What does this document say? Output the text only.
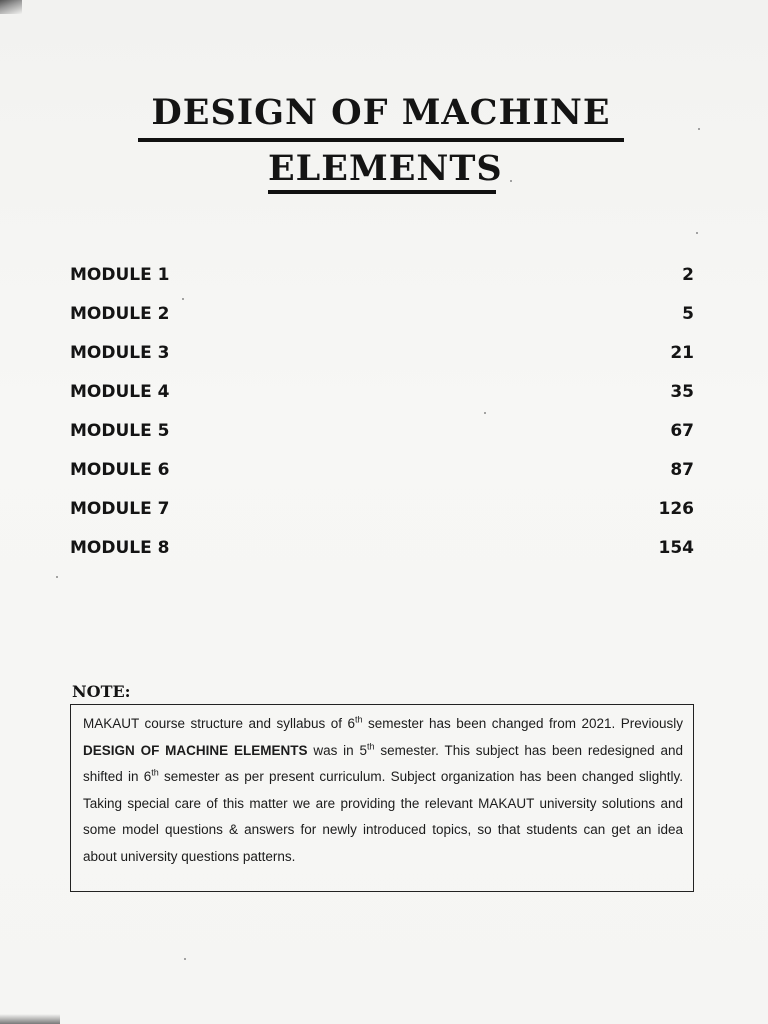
DESIGN OF MACHINE
ELEMENTS
MODULE 1	2
MODULE 2	5
MODULE 3	21
MODULE 4	35
MODULE 5	67
MODULE 6	87
MODULE 7	126
MODULE 8	154
NOTE:
MAKAUT course structure and syllabus of 6th semester has been changed from 2021. Previously DESIGN OF MACHINE ELEMENTS was in 5th semester. This subject has been redesigned and shifted in 6th semester as per present curriculum. Subject organization has been changed slightly. Taking special care of this matter we are providing the relevant MAKAUT university solutions and some model questions & answers for newly introduced topics, so that students can get an idea about university questions patterns.
